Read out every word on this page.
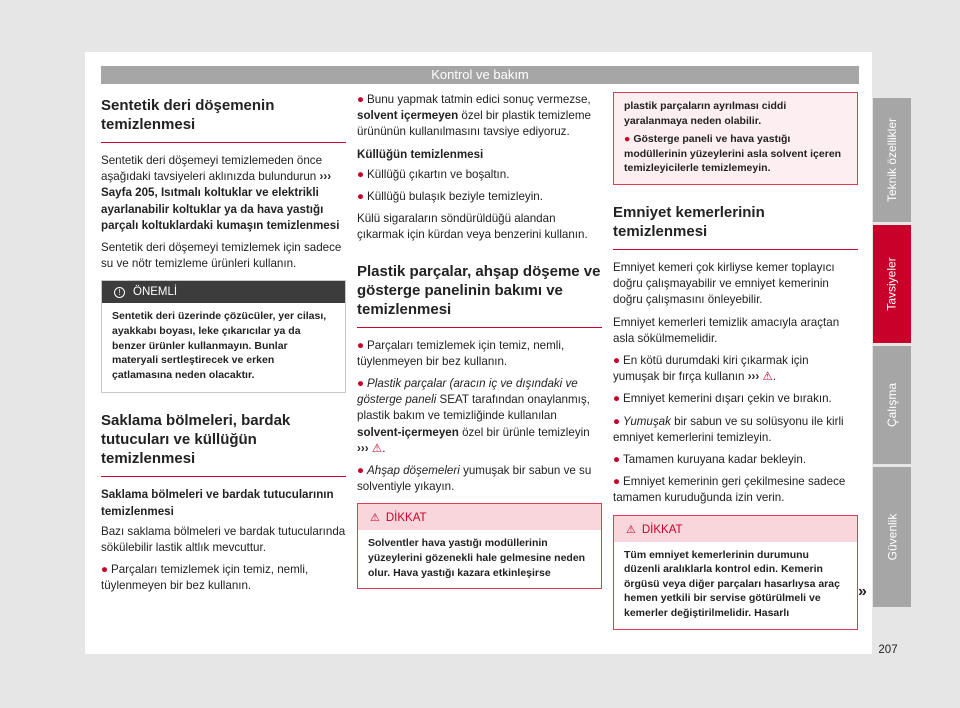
Kontrol ve bakım
Sentetik deri döşemenin temizlenmesi

Sentetik deri döşemeyi temizlemeden önce aşağıdaki tavsiyeleri aklınızda bulundurun ››› Sayfa 205, Isıtmalı koltuklar ve elektrikli ayarlanabilir koltuklar ya da hava yastığı parçalı koltuklardaki kumaşın temizlenmesi

Sentetik deri döşemeyi temizlemek için sadece su ve nötr temizleme ürünleri kullanın.

! ÖNEMLİ
Sentetik deri üzerinde çözücüler, yer cilası, ayakkabı boyası, leke çıkarıcılar ya da benzer ürünler kullanmayın. Bunlar materyali sertleştirecek ve erken çatlamasına neden olacaktır.
Saklama bölmeleri, bardak tutucuları ve küllüğün temizlenmesi
Saklama bölmeleri ve bardak tutucularının temizlenmesi

Bazı saklama bölmeleri ve bardak tutucularında sökülebilir lastik altlık mevcuttur.

● Parçaları temizlemek için temiz, nemli, tüylenmeyen bir bez kullanın.

● Bunu yapmak tatmin edici sonuç vermezse, solvent içermeyen özel bir plastik temizleme ürününün kullanılmasını tavsiye ediyoruz.

Küllüğün temizlenmesi

● Küllüğü çıkartın ve boşaltın.

● Küllüğü bulaşık beziyle temizleyin.

Külü sigaraların söndürüldüğü alandan çıkarmak için kürdan veya benzerini kullanın.

Plastik parçalar, ahşap döşeme ve gösterge panelinin bakımı ve temizlenmesi

● Parçaları temizlemek için temiz, nemli, tüylenmeyen bir bez kullanın.

● Plastik parçalar (aracın iç ve dışındaki ve gösterge paneli SEAT tarafından onaylanmış, plastik bakım ve temizliğinde kullanılan solvent-içermeyen özel bir ürünle temizleyin ››› ⚠.

● Ahşap döşemeleri yumuşak bir sabun ve su solventiyle yıkayın.

⚠ DİKKAT
Solventler hava yastığı modüllerinin yüzeylerini gözenekli hale gelmesine neden olur. Hava yastığı kazara etkinleşirse
plastik parçaların ayrılması ciddi yaralanmaya neden olabilir.
● Gösterge paneli ve hava yastığı modüllerinin yüzeylerini asla solvent içeren temizleyicilerle temizlemeyin.
Emniyet kemerlerinin temizlenmesi

Emniyet kemeri çok kirliyse kemer toplayıcı doğru çalışmayabilir ve emniyet kemerinin doğru çalışmasını önleyebilir.

Emniyet kemerleri temizlik amacıyla araçtan asla sökülmemelidir.

● En kötü durumdaki kiri çıkarmak için yumuşak bir fırça kullanın ››› ⚠.

● Emniyet kemerini dışarı çekin ve bırakın.

● Yumuşak bir sabun ve su solüsyonu ile kirli emniyet kemerlerini temizleyin.

● Tamamen kuruyana kadar bekleyin.

● Emniyet kemerinin geri çekilmesine sadece tamamen kuruduğunda izin verin.

⚠ DİKKAT
Tüm emniyet kemerlerinin durumunu düzenli aralıklarla kontrol edin. Kemerin örgüsü veya diğer parçaları hasarlıysa araç hemen yetkili bir servise götürülmeli ve kemerler değiştirilmelidir. Hasarlı
»
Teknik özellikler
Tavsiyeler
Çalışma
Güvenlik
207
